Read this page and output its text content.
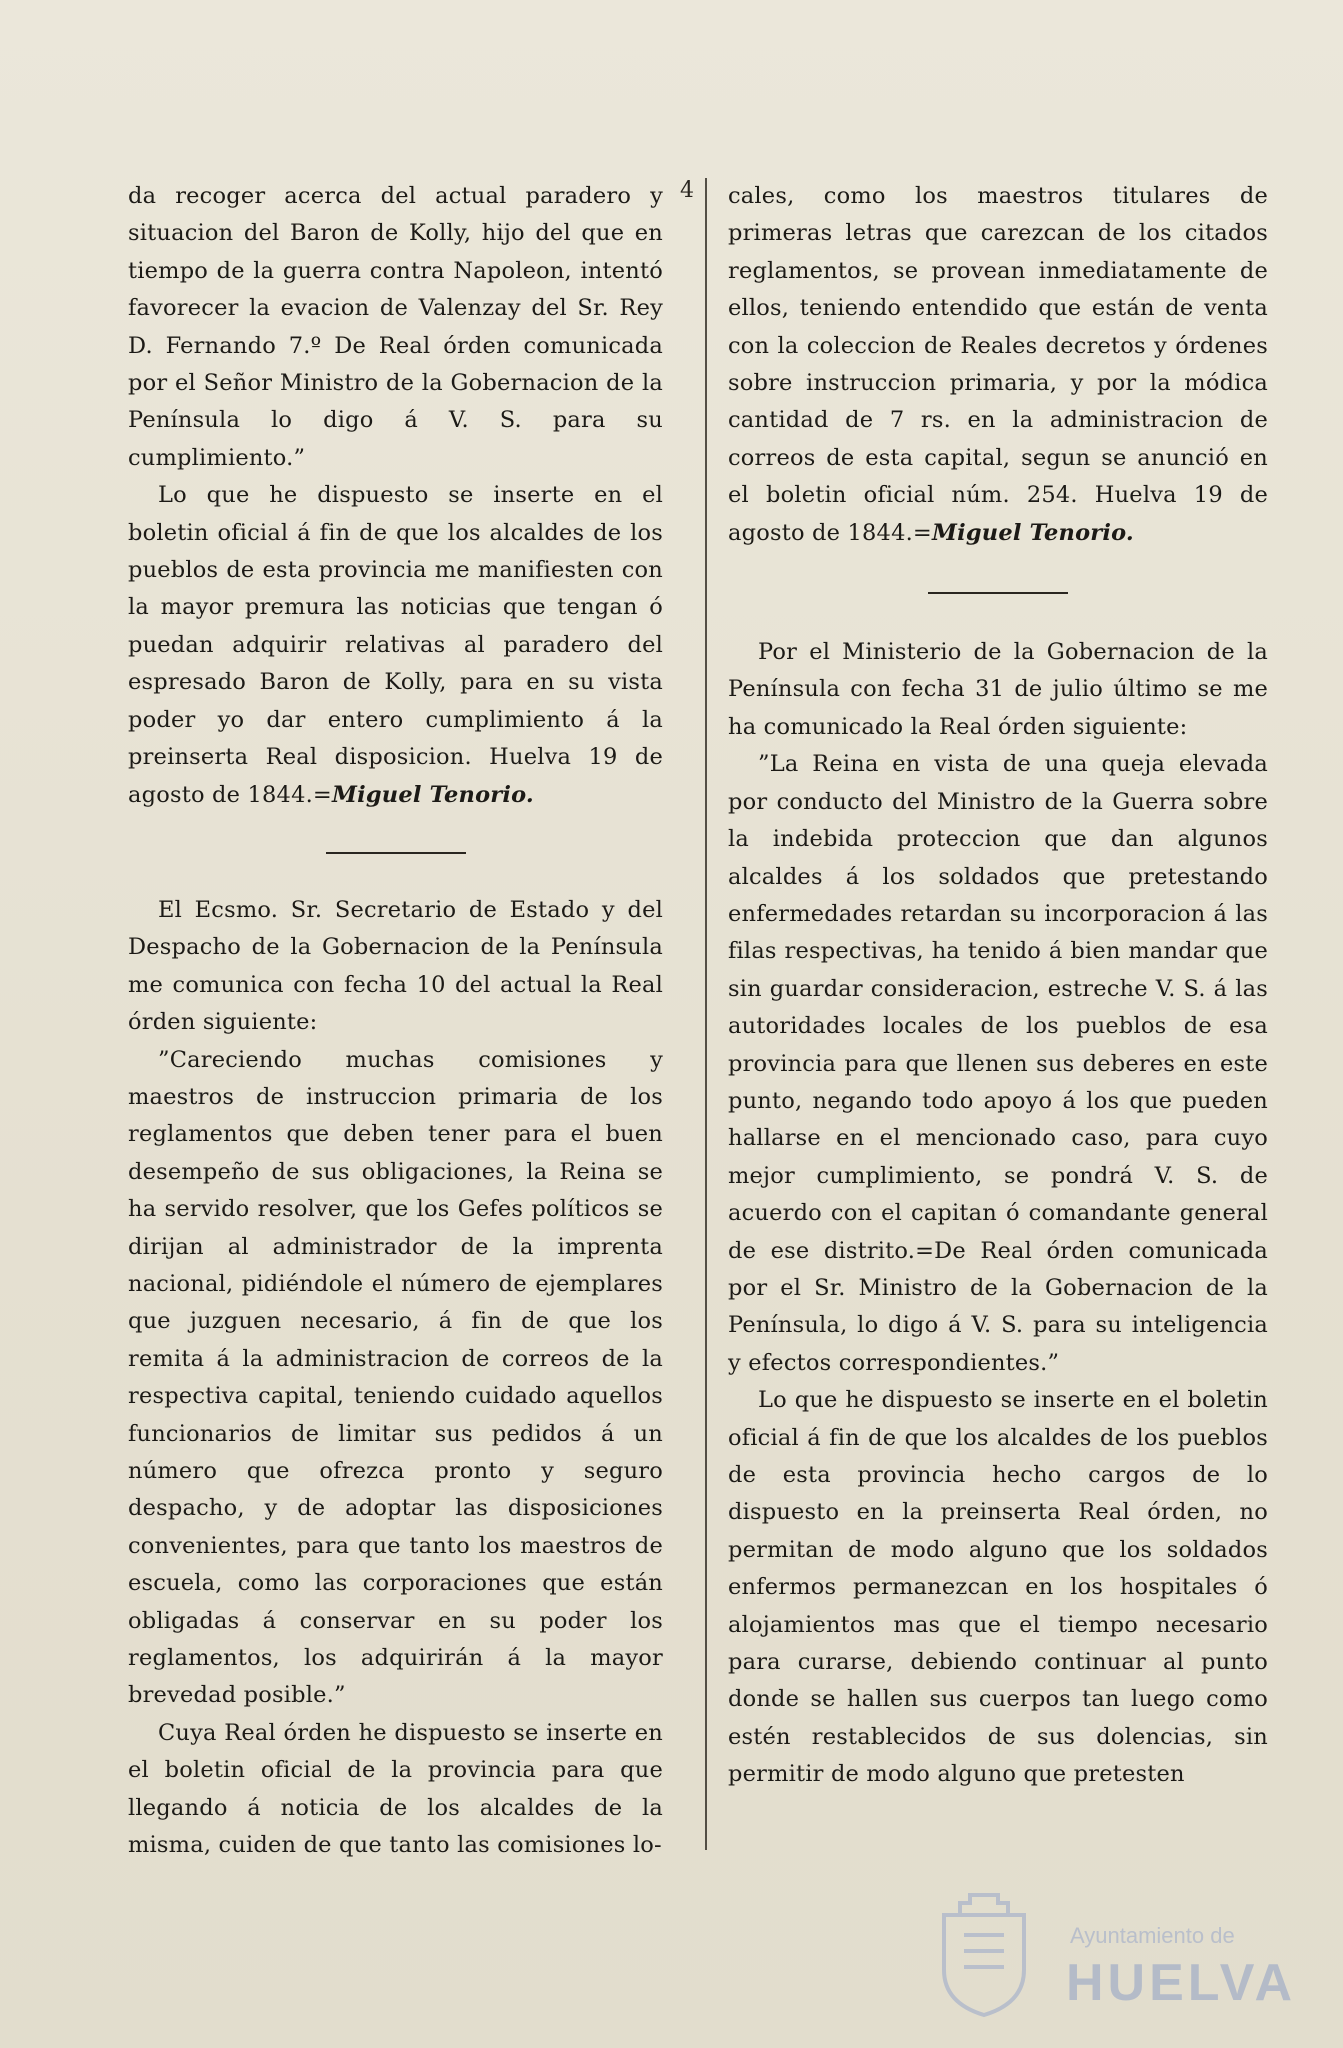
4

da recoger acerca del actual paradero y situacion del Baron de Kolly, hijo del que en tiempo de la guerra contra Napoleon, intentó favorecer la evacion de Valenzay del Sr. Rey D. Fernando 7.º De Real órden comunicada por el Señor Ministro de la Gobernacion de la Península lo digo á V. S. para su cumplimiento.”

Lo que he dispuesto se inserte en el boletin oficial á fin de que los alcaldes de los pueblos de esta provincia me manifiesten con la mayor premura las noticias que tengan ó puedan adquirir relativas al paradero del espresado Baron de Kolly, para en su vista poder yo dar entero cumplimiento á la preinserta Real disposicion. Huelva 19 de agosto de 1844.=Miguel Tenorio.

El Ecsmo. Sr. Secretario de Estado y del Despacho de la Gobernacion de la Península me comunica con fecha 10 del actual la Real órden siguiente:

”Careciendo muchas comisiones y maestros de instruccion primaria de los reglamentos que deben tener para el buen desempeño de sus obligaciones, la Reina se ha servido resolver, que los Gefes políticos se dirijan al administrador de la imprenta nacional, pidiéndole el número de ejemplares que juzguen necesario, á fin de que los remita á la administracion de correos de la respectiva capital, teniendo cuidado aquellos funcionarios de limitar sus pedidos á un número que ofrezca pronto y seguro despacho, y de adoptar las disposiciones convenientes, para que tanto los maestros de escuela, como las corporaciones que están obligadas á conservar en su poder los reglamentos, los adquirirán á la mayor brevedad posible.”

Cuya Real órden he dispuesto se inserte en el boletin oficial de la provincia para que llegando á noticia de los alcaldes de la misma, cuiden de que tanto las comisiones lo-

cales, como los maestros titulares de primeras letras que carezcan de los citados reglamentos, se provean inmediatamente de ellos, teniendo entendido que están de venta con la coleccion de Reales decretos y órdenes sobre instruccion primaria, y por la módica cantidad de 7 rs. en la administracion de correos de esta capital, segun se anunció en el boletin oficial núm. 254. Huelva 19 de agosto de 1844.=Miguel Tenorio.

Por el Ministerio de la Gobernacion de la Península con fecha 31 de julio último se me ha comunicado la Real órden siguiente:

”La Reina en vista de una queja elevada por conducto del Ministro de la Guerra sobre la indebida proteccion que dan algunos alcaldes á los soldados que pretestando enfermedades retardan su incorporacion á las filas respectivas, ha tenido á bien mandar que sin guardar consideracion, estreche V. S. á las autoridades locales de los pueblos de esa provincia para que llenen sus deberes en este punto, negando todo apoyo á los que pueden hallarse en el mencionado caso, para cuyo mejor cumplimiento, se pondrá V. S. de acuerdo con el capitan ó comandante general de ese distrito.=De Real órden comunicada por el Sr. Ministro de la Gobernacion de la Península, lo digo á V. S. para su inteligencia y efectos correspondientes.”

Lo que he dispuesto se inserte en el boletin oficial á fin de que los alcaldes de los pueblos de esta provincia hecho cargos de lo dispuesto en la preinserta Real órden, no permitan de modo alguno que los soldados enfermos permanezcan en los hospitales ó alojamientos mas que el tiempo necesario para curarse, debiendo continuar al punto donde se hallen sus cuerpos tan luego como estén restablecidos de sus dolencias, sin permitir de modo alguno que pretesten

Ayuntamiento de
HUELVA
